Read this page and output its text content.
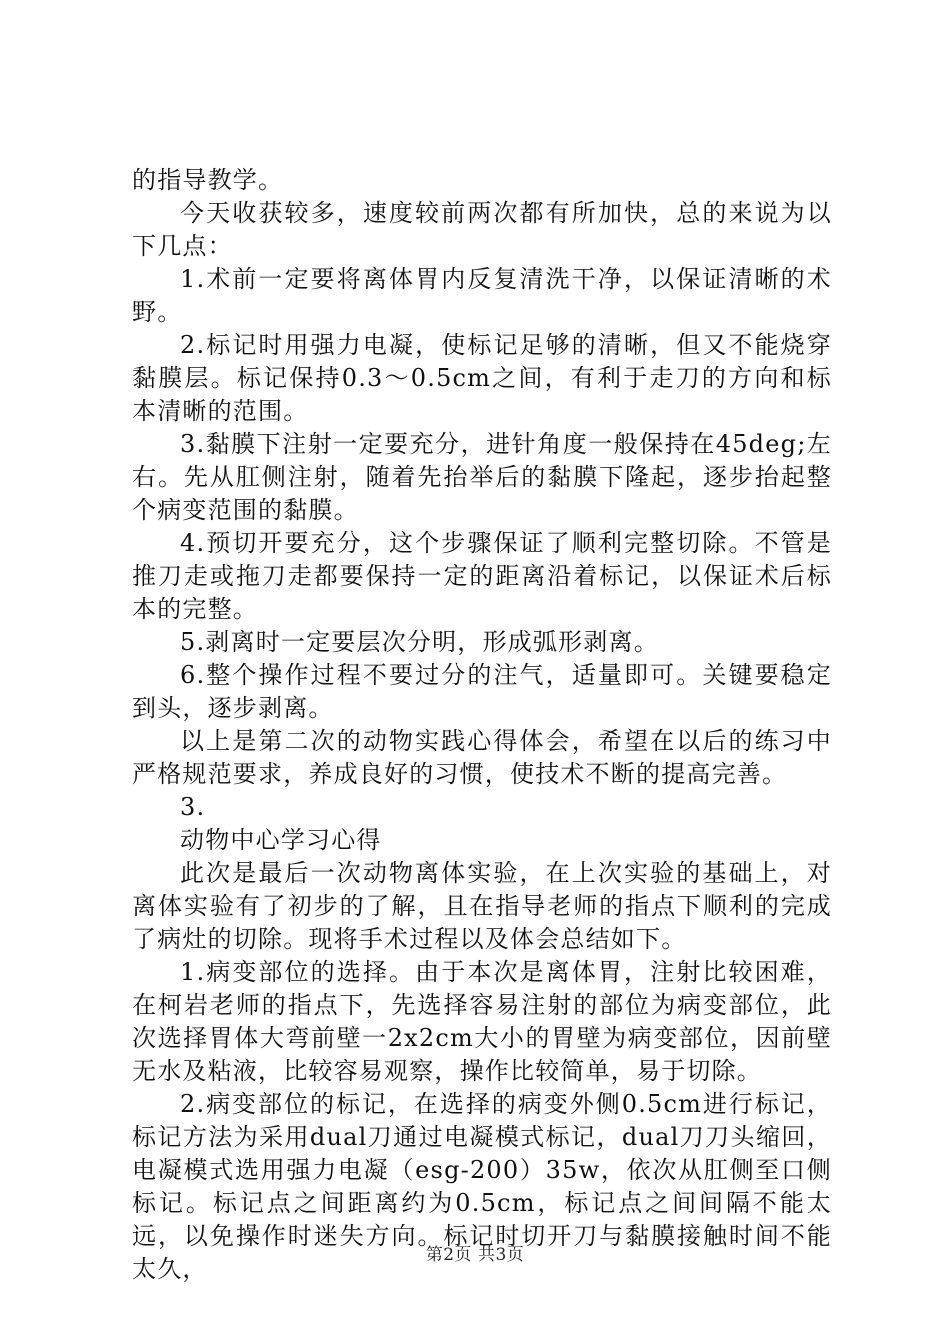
的指导教学。

今天收获较多，速度较前两次都有所加快，总的来说为以下几点：

1.术前一定要将离体胃内反复清洗干净，以保证清晰的术野。

2.标记时用强力电凝，使标记足够的清晰，但又不能烧穿黏膜层。标记保持0.3～0.5cm之间，有利于走刀的方向和标本清晰的范围。

3.黏膜下注射一定要充分，进针角度一般保持在45deg;左右。先从肛侧注射，随着先抬举后的黏膜下隆起，逐步抬起整个病变范围的黏膜。

4.预切开要充分，这个步骤保证了顺利完整切除。不管是推刀走或拖刀走都要保持一定的距离沿着标记，以保证术后标本的完整。

5.剥离时一定要层次分明，形成弧形剥离。

6.整个操作过程不要过分的注气，适量即可。关键要稳定到头，逐步剥离。

以上是第二次的动物实践心得体会，希望在以后的练习中严格规范要求，养成良好的习惯，使技术不断的提高完善。

3.

动物中心学习心得

此次是最后一次动物离体实验，在上次实验的基础上，对离体实验有了初步的了解，且在指导老师的指点下顺利的完成了病灶的切除。现将手术过程以及体会总结如下。

1.病变部位的选择。由于本次是离体胃，注射比较困难，在柯岩老师的指点下，先选择容易注射的部位为病变部位，此次选择胃体大弯前壁一2x2cm大小的胃壁为病变部位，因前壁无水及粘液，比较容易观察，操作比较简单，易于切除。

2.病变部位的标记，在选择的病变外侧0.5cm进行标记，标记方法为采用dual刀通过电凝模式标记，dual刀刀头缩回，电凝模式选用强力电凝（esg-200）35w，依次从肛侧至口侧标记。标记点之间距离约为0.5cm，标记点之间间隔不能太远，以免操作时迷失方向。标记时切开刀与黏膜接触时间不能太久，	第2页 共3页
